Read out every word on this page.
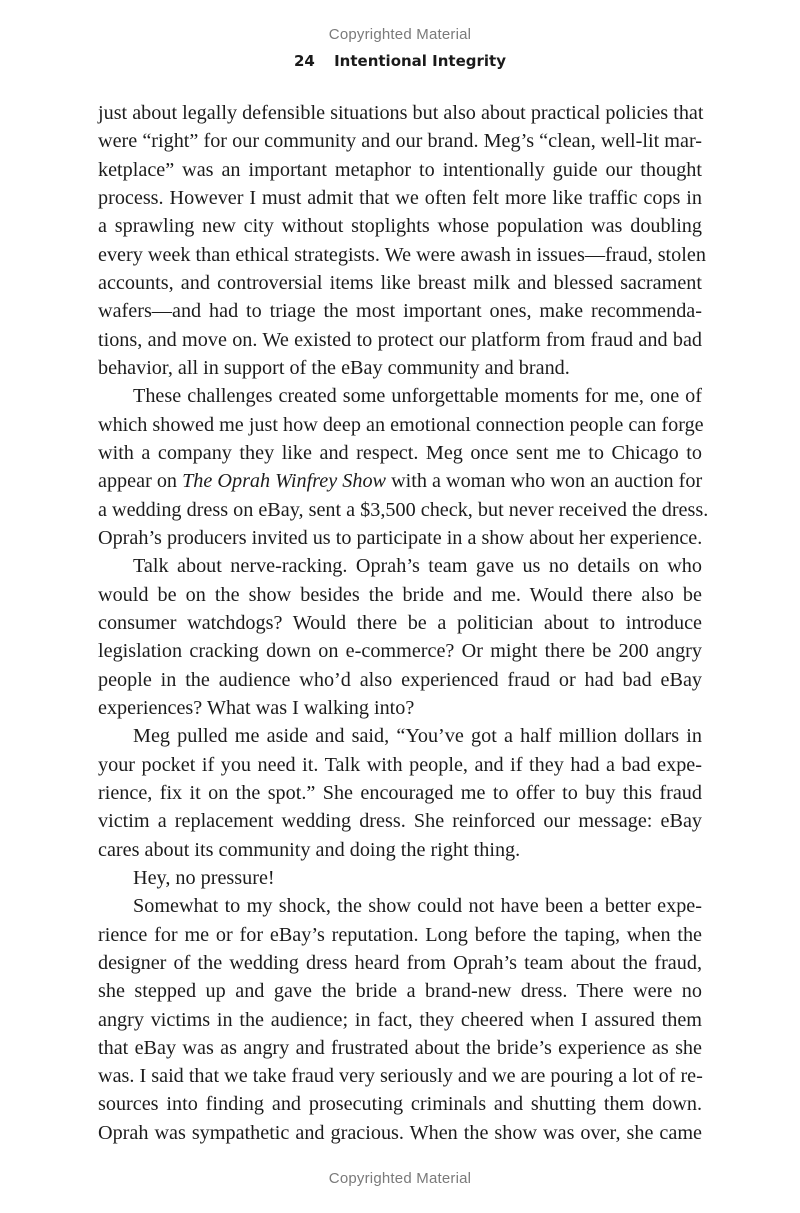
Copyrighted Material
24 Intentional Integrity
just about legally defensible situations but also about practical policies that
were “right” for our community and our brand. Meg’s “clean, well-lit mar-
ketplace” was an important metaphor to intentionally guide our thought
process. However I must admit that we often felt more like traffic cops in
a sprawling new city without stoplights whose population was doubling
every week than ethical strategists. We were awash in issues—fraud, stolen
accounts, and controversial items like breast milk and blessed sacrament
wafers—and had to triage the most important ones, make recommenda-
tions, and move on. We existed to protect our platform from fraud and bad
behavior, all in support of the eBay community and brand.
These challenges created some unforgettable moments for me, one of
which showed me just how deep an emotional connection people can forge
with a company they like and respect. Meg once sent me to Chicago to
appear on The Oprah Winfrey Show with a woman who won an auction for
a wedding dress on eBay, sent a $3,500 check, but never received the dress.
Oprah’s producers invited us to participate in a show about her experience.
Talk about nerve-racking. Oprah’s team gave us no details on who
would be on the show besides the bride and me. Would there also be
consumer watchdogs? Would there be a politician about to introduce
legislation cracking down on e-commerce? Or might there be 200 angry
people in the audience who’d also experienced fraud or had bad eBay
experiences? What was I walking into?
Meg pulled me aside and said, “You’ve got a half million dollars in
your pocket if you need it. Talk with people, and if they had a bad expe-
rience, fix it on the spot.” She encouraged me to offer to buy this fraud
victim a replacement wedding dress. She reinforced our message: eBay
cares about its community and doing the right thing.
Hey, no pressure!
Somewhat to my shock, the show could not have been a better expe-
rience for me or for eBay’s reputation. Long before the taping, when the
designer of the wedding dress heard from Oprah’s team about the fraud,
she stepped up and gave the bride a brand-new dress. There were no
angry victims in the audience; in fact, they cheered when I assured them
that eBay was as angry and frustrated about the bride’s experience as she
was. I said that we take fraud very seriously and we are pouring a lot of re-
sources into finding and prosecuting criminals and shutting them down.
Oprah was sympathetic and gracious. When the show was over, she came
Copyrighted Material
